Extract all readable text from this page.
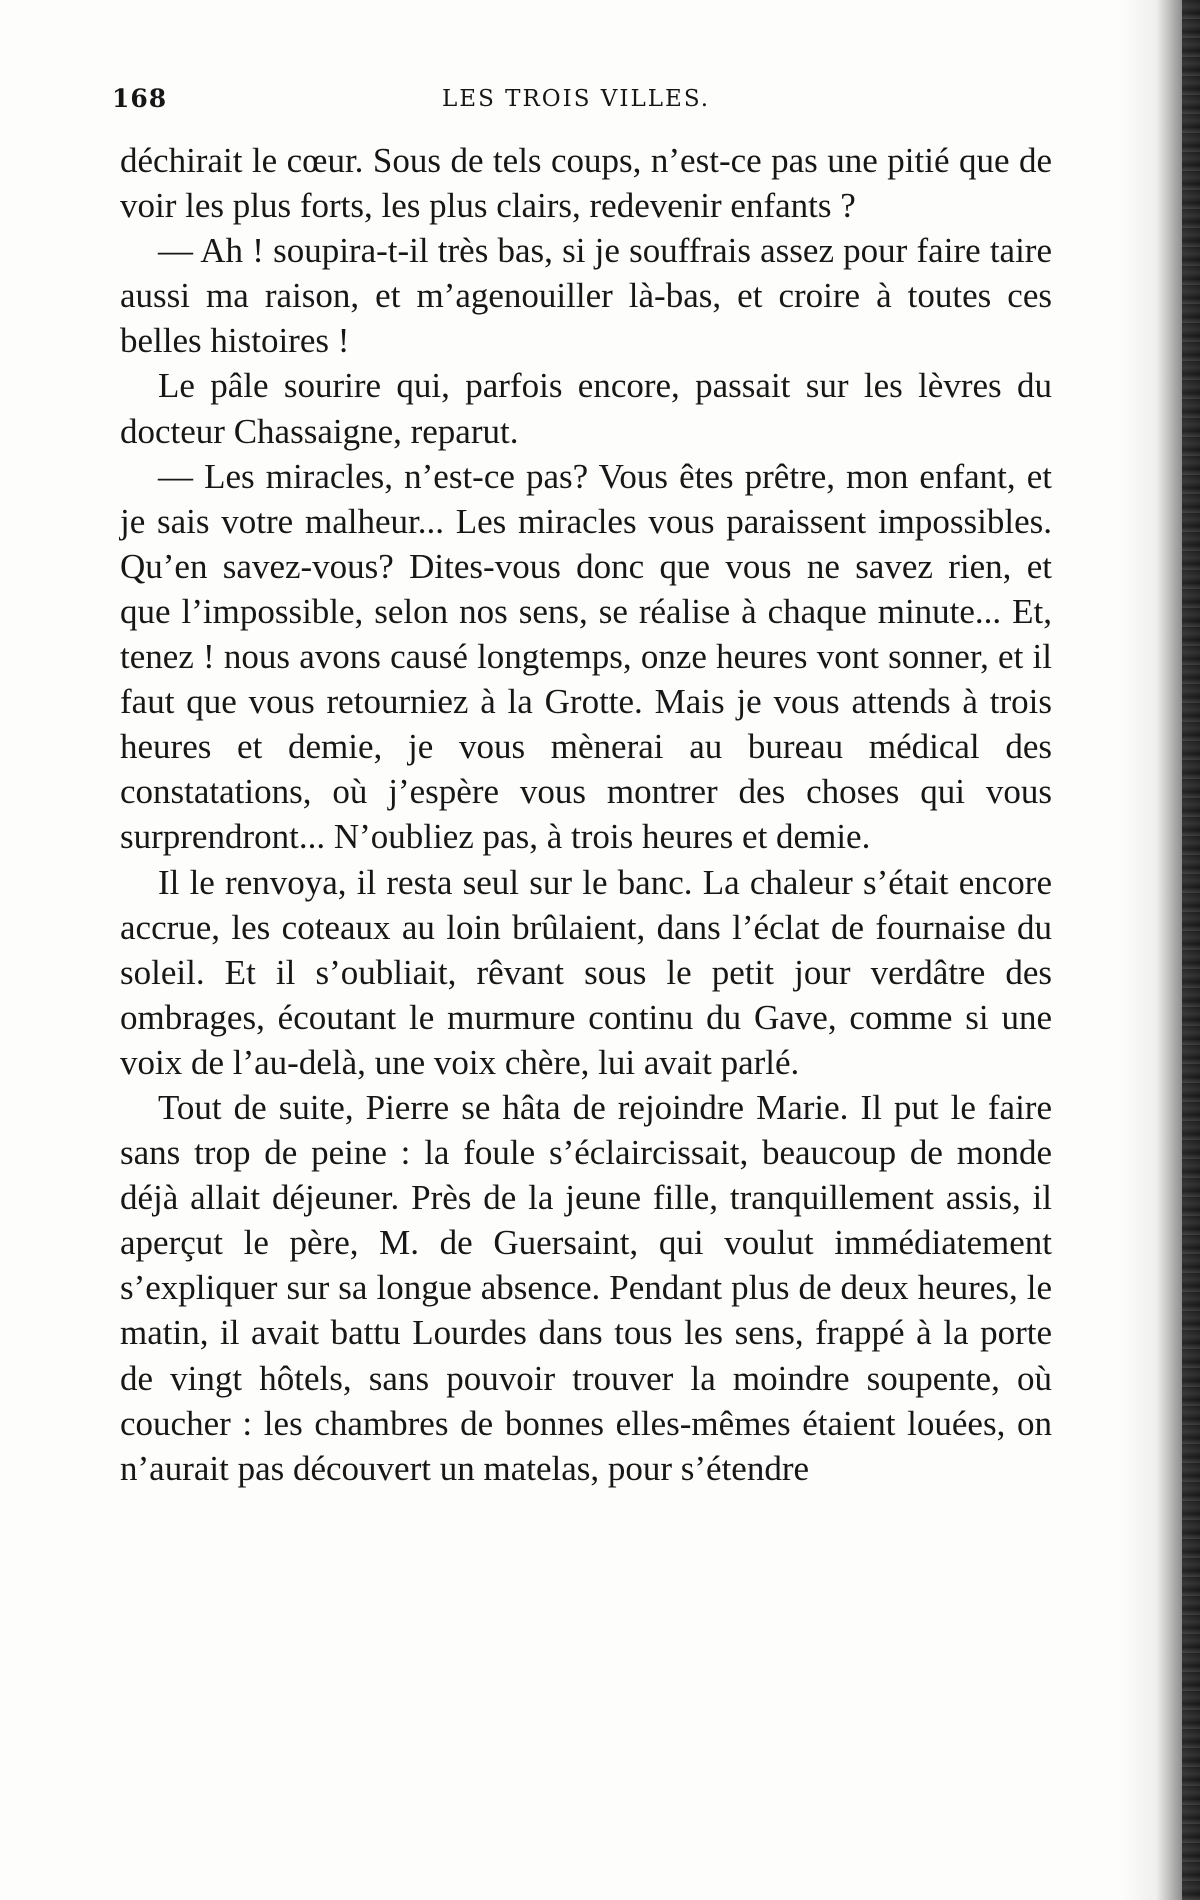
168	LES TROIS VILLES.

déchirait le cœur. Sous de tels coups, n’est-ce pas une pitié que de voir les plus forts, les plus clairs, redevenir enfants ?

— Ah ! soupira-t-il très bas, si je souffrais assez pour faire taire aussi ma raison, et m’agenouiller là-bas, et croire à toutes ces belles histoires !

Le pâle sourire qui, parfois encore, passait sur les lèvres du docteur Chassaigne, reparut.

— Les miracles, n’est-ce pas? Vous êtes prêtre, mon enfant, et je sais votre malheur... Les miracles vous paraissent impossibles. Qu’en savez-vous? Dites-vous donc que vous ne savez rien, et que l’impossible, selon nos sens, se réalise à chaque minute... Et, tenez ! nous avons causé longtemps, onze heures vont sonner, et il faut que vous retourniez à la Grotte. Mais je vous attends à trois heures et demie, je vous mènerai au bureau médical des constatations, où j’espère vous montrer des choses qui vous surprendront... N’oubliez pas, à trois heures et demie.

Il le renvoya, il resta seul sur le banc. La chaleur s’était encore accrue, les coteaux au loin brûlaient, dans l’éclat de fournaise du soleil. Et il s’oubliait, rêvant sous le petit jour verdâtre des ombrages, écoutant le murmure continu du Gave, comme si une voix de l’au-delà, une voix chère, lui avait parlé.

Tout de suite, Pierre se hâta de rejoindre Marie. Il put le faire sans trop de peine : la foule s’éclaircissait, beaucoup de monde déjà allait déjeuner. Près de la jeune fille, tranquillement assis, il aperçut le père, M. de Guersaint, qui voulut immédiatement s’expliquer sur sa longue absence. Pendant plus de deux heures, le matin, il avait battu Lourdes dans tous les sens, frappé à la porte de vingt hôtels, sans pouvoir trouver la moindre soupente, où coucher : les chambres de bonnes elles-mêmes étaient louées, on n’aurait pas découvert un matelas, pour s’étendre
